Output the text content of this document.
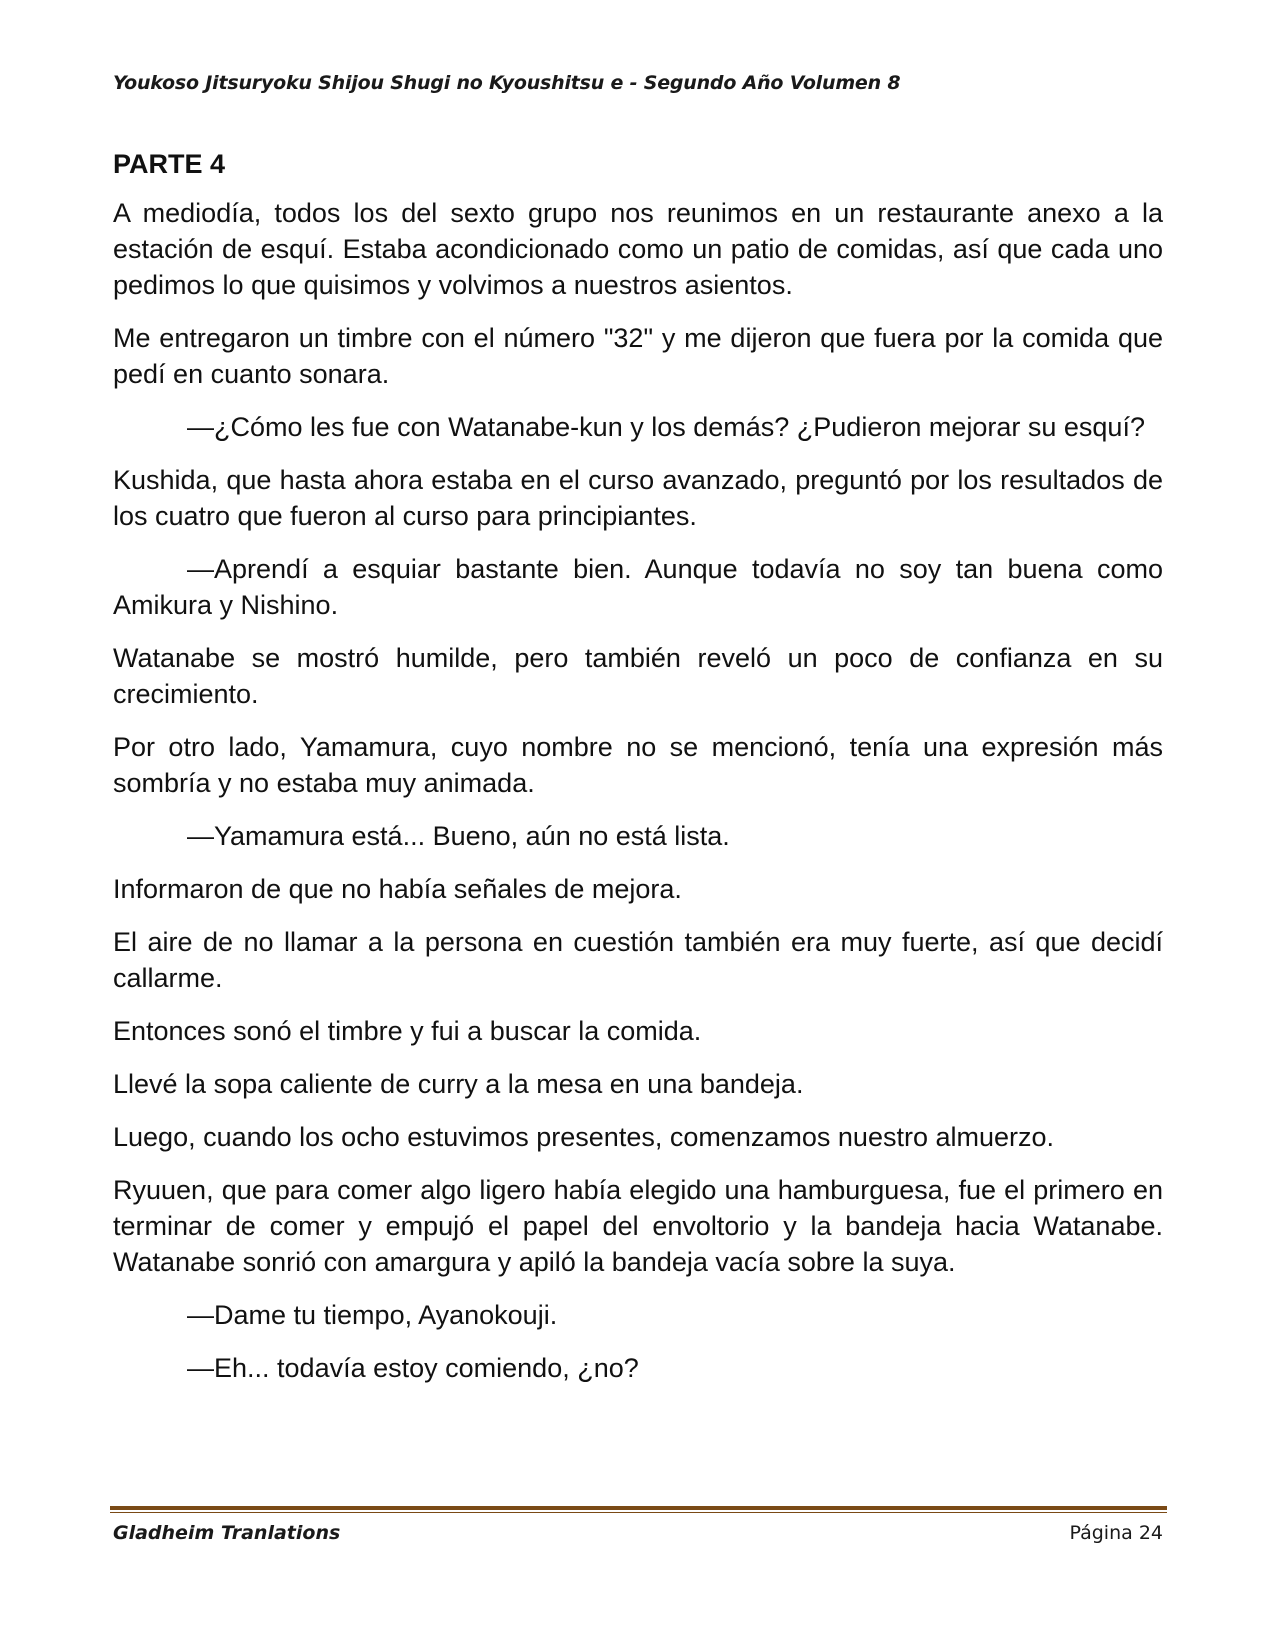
Youkoso Jitsuryoku Shijou Shugi no Kyoushitsu e - Segundo Año Volumen 8
PARTE 4

A mediodía, todos los del sexto grupo nos reunimos en un restaurante anexo a la estación de esquí. Estaba acondicionado como un patio de comidas, así que cada uno pedimos lo que quisimos y volvimos a nuestros asientos.

Me entregaron un timbre con el número "32" y me dijeron que fuera por la comida que pedí en cuanto sonara.

—¿Cómo les fue con Watanabe-kun y los demás? ¿Pudieron mejorar su esquí?

Kushida, que hasta ahora estaba en el curso avanzado, preguntó por los resultados de los cuatro que fueron al curso para principiantes.

—Aprendí a esquiar bastante bien. Aunque todavía no soy tan buena como Amikura y Nishino.

Watanabe se mostró humilde, pero también reveló un poco de confianza en su crecimiento.

Por otro lado, Yamamura, cuyo nombre no se mencionó, tenía una expresión más sombría y no estaba muy animada.

—Yamamura está... Bueno, aún no está lista.

Informaron de que no había señales de mejora.

El aire de no llamar a la persona en cuestión también era muy fuerte, así que decidí callarme.

Entonces sonó el timbre y fui a buscar la comida.

Llevé la sopa caliente de curry a la mesa en una bandeja.

Luego, cuando los ocho estuvimos presentes, comenzamos nuestro almuerzo.

Ryuuen, que para comer algo ligero había elegido una hamburguesa, fue el primero en terminar de comer y empujó el papel del envoltorio y la bandeja hacia Watanabe. Watanabe sonrió con amargura y apiló la bandeja vacía sobre la suya.

—Dame tu tiempo, Ayanokouji.

—Eh... todavía estoy comiendo, ¿no?

Gladheim Tranlations	Página 24
